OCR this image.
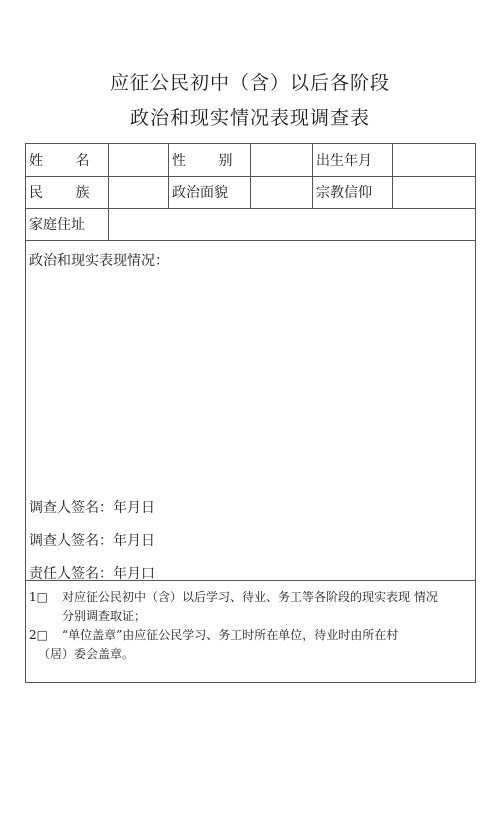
应征公民初中（含）以后各阶段
政治和现实情况表现调查表
姓 名	性 别	出生年月
民 族	政治面貌	宗教信仰
家庭住址
政治和现实表现情况：
调查人签名：年月日
调查人签名：年月日
责任人签名：年月口
1□ 对应征公民初中（含）以后学习、待业、务工等各阶段的现实表现 情况
分别调查取证；
2□ “单位盖章”由应征公民学习、务工时所在单位，待业时由所在村
（居）委会盖章。
